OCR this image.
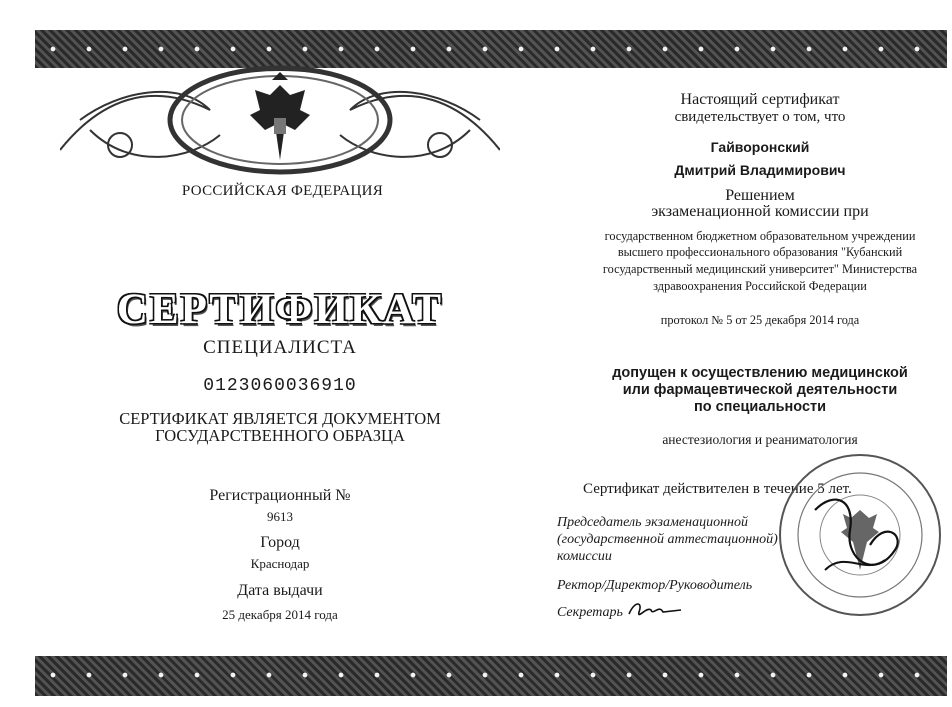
РОССИЙСКАЯ ФЕДЕРАЦИЯ
СЕРТИФИКАТ
СПЕЦИАЛИСТА
0123060036910
СЕРТИФИКАТ ЯВЛЯЕТСЯ ДОКУМЕНТОМ
ГОСУДАРСТВЕННОГО ОБРАЗЦА
Регистрационный №
9613
Город
Краснодар
Дата выдачи
25 декабря 2014 года
Настоящий сертификат
свидетельствует о том, что
Гайворонский
Дмитрий Владимирович
Решением
экзаменационной комиссии при
государственном бюджетном образовательном учреждении
высшего профессионального образования "Кубанский
государственный медицинский университет" Министерства
здравоохранения Российской Федерации
протокол № 5 от 25 декабря 2014 года
допущен к осуществлению медицинской
или фармацевтической деятельности
по специальности
анестезиология и реаниматология
Сертификат действителен в течение 5 лет.
Председатель экзаменационной
(государственной аттестационной)
комиссии
Ректор/Директор/Руководитель
Секретарь
